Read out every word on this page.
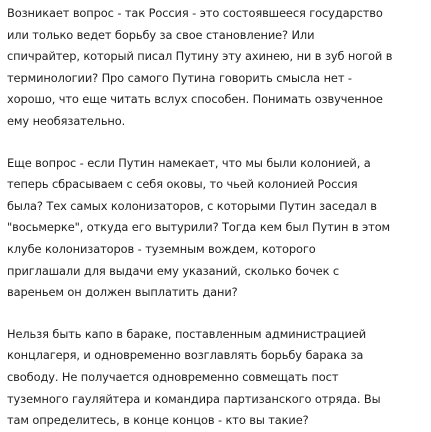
Возникает вопрос - так Россия - это состоявшееся государство
или только ведет борьбу за свое становление? Или
спичрайтер, который писал Путину эту ахинею, ни в зуб ногой в
терминологии? Про самого Путина говорить смысла нет -
хорошо, что еще читать вслух способен. Понимать озвученное
ему необязательно.
Еще вопрос - если Путин намекает, что мы были колонией, а
теперь сбрасываем с себя оковы, то чьей колонией Россия
была? Тех самых колонизаторов, с которыми Путин заседал в
"восьмерке", откуда его вытурили? Тогда кем был Путин в этом
клубе колонизаторов - туземным вождем, которого
приглашали для выдачи ему указаний, сколько бочек с
вареньем он должен выплатить дани?
Нельзя быть капо в бараке, поставленным администрацией
концлагеря, и одновременно возглавлять борьбу барака за
свободу. Не получается одновременно совмещать пост
туземного гауляйтера и командира партизанского отряда. Вы
там определитесь, в конце концов - кто вы такие?
